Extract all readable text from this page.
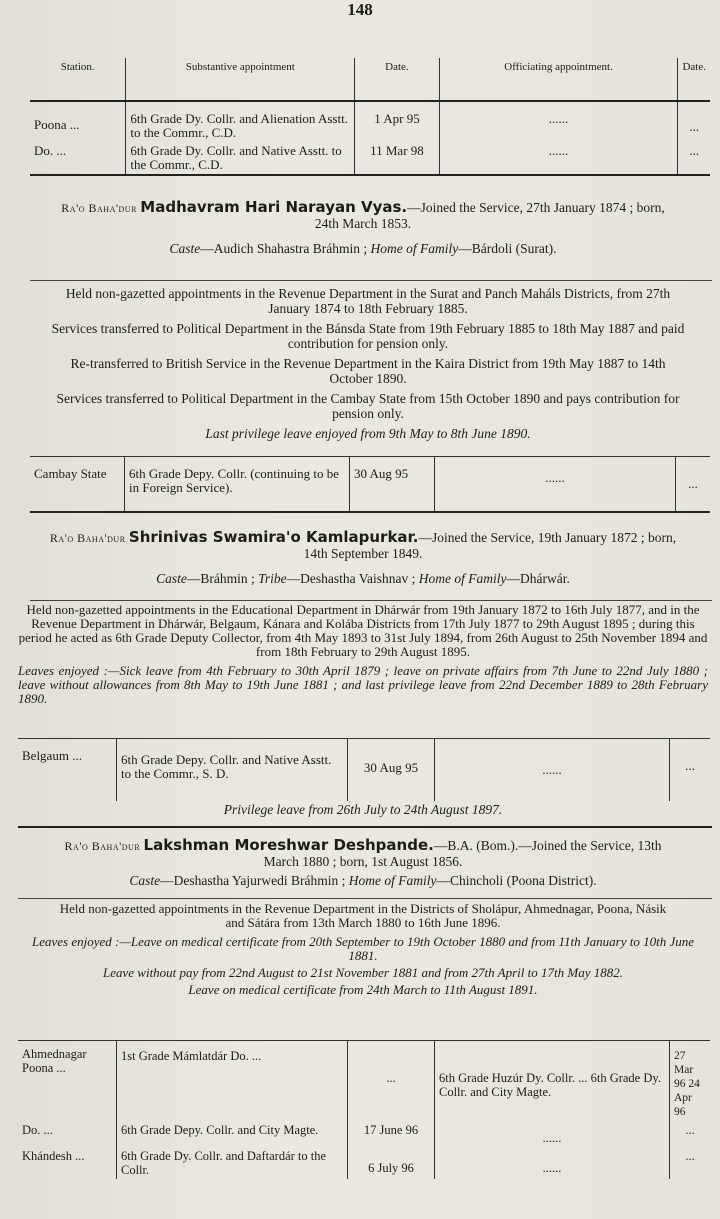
148
Station.	Substantive appointment	Date.	Officiating appointment.	Date.
Poona ...	6th Grade Dy. Collr. and Alienation Asstt. to the Commr., C.D.	1 Apr 95	......	...
Do. ...	6th Grade Dy. Collr. and Native Asstt. to the Commr., C.D.	11 Mar 98	......	...
Ra'o Baha'dur Madhavram Hari Narayan Vyas.—Joined the Service, 27th January 1874 ; born, 24th March 1853.
Caste—Audich Shahastra Bráhmin ; Home of Family—Bárdoli (Surat).

Held non-gazetted appointments in the Revenue Department in the Surat and Panch Maháls Districts, from 27th January 1874 to 18th February 1885.

Services transferred to Political Department in the Bánsda State from 19th February 1885 to 18th May 1887 and paid contribution for pension only.

Re-transferred to British Service in the Revenue Department in the Kaira District from 19th May 1887 to 14th October 1890.

Services transferred to Political Department in the Cambay State from 15th October 1890 and pays contribution for pension only.

Last privilege leave enjoyed from 9th May to 8th June 1890.

Cambay State	6th Grade Depy. Collr. (continuing to be in Foreign Service).	30 Aug 95	......	...
Ra'o Baha'dur Shrinivas Swamira'o Kamlapurkar.—Joined the Service, 19th January 1872 ; born, 14th September 1849.
Caste—Bráhmin ; Tribe—Deshastha Vaishnav ; Home of Family—Dhárwár.

Held non-gazetted appointments in the Educational Department in Dhárwár from 19th January 1872 to 16th July 1877, and in the Revenue Department in Dhárwár, Belgaum, Kánara and Kolába Districts from 17th July 1877 to 29th August 1895 ; during this period he acted as 6th Grade Deputy Collector, from 4th May 1893 to 31st July 1894, from 26th August to 25th November 1894 and from 18th February to 29th August 1895.

Leaves enjoyed :—Sick leave from 4th February to 30th April 1879 ; leave on private affairs from 7th June to 22nd July 1880 ; leave without allowances from 8th May to 19th June 1881 ; and last privilege leave from 22nd December 1889 to 28th February 1890.

Belgaum ...	6th Grade Depy. Collr. and Native Asstt. to the Commr., S. D.	30 Aug 95	......	...
Privilege leave from 26th July to 24th August 1897.
Ra'o Baha'dur Lakshman Moreshwar Deshpande.—B.A. (Bom.).—Joined the Service, 13th March 1880 ; born, 1st August 1856.
Caste—Deshastha Yajurwedi Bráhmin ; Home of Family—Chincholi (Poona District).

Held non-gazetted appointments in the Revenue Department in the Districts of Sholápur, Ahmednagar, Poona, Násik and Sátára from 13th March 1880 to 16th June 1896.

Leaves enjoyed :—Leave on medical certificate from 20th September to 19th October 1880 and from 11th January to 10th June 1881.

Leave without pay from 22nd August to 21st November 1881 and from 27th April to 17th May 1882.

Leave on medical certificate from 24th March to 11th August 1891.

Ahmednagar Poona ...	1st Grade Mámlatdár Do. ...	...	6th Grade Huzúr Dy. Collr. ... 6th Grade Dy. Collr. and City Magte.	27 Mar 96 24 Apr 96
Do. ...	6th Grade Depy. Collr. and City Magte.	17 June 96	......	...
Khándesh ...	6th Grade Dy. Collr. and Daftardár to the Collr.	6 July 96	......	...
